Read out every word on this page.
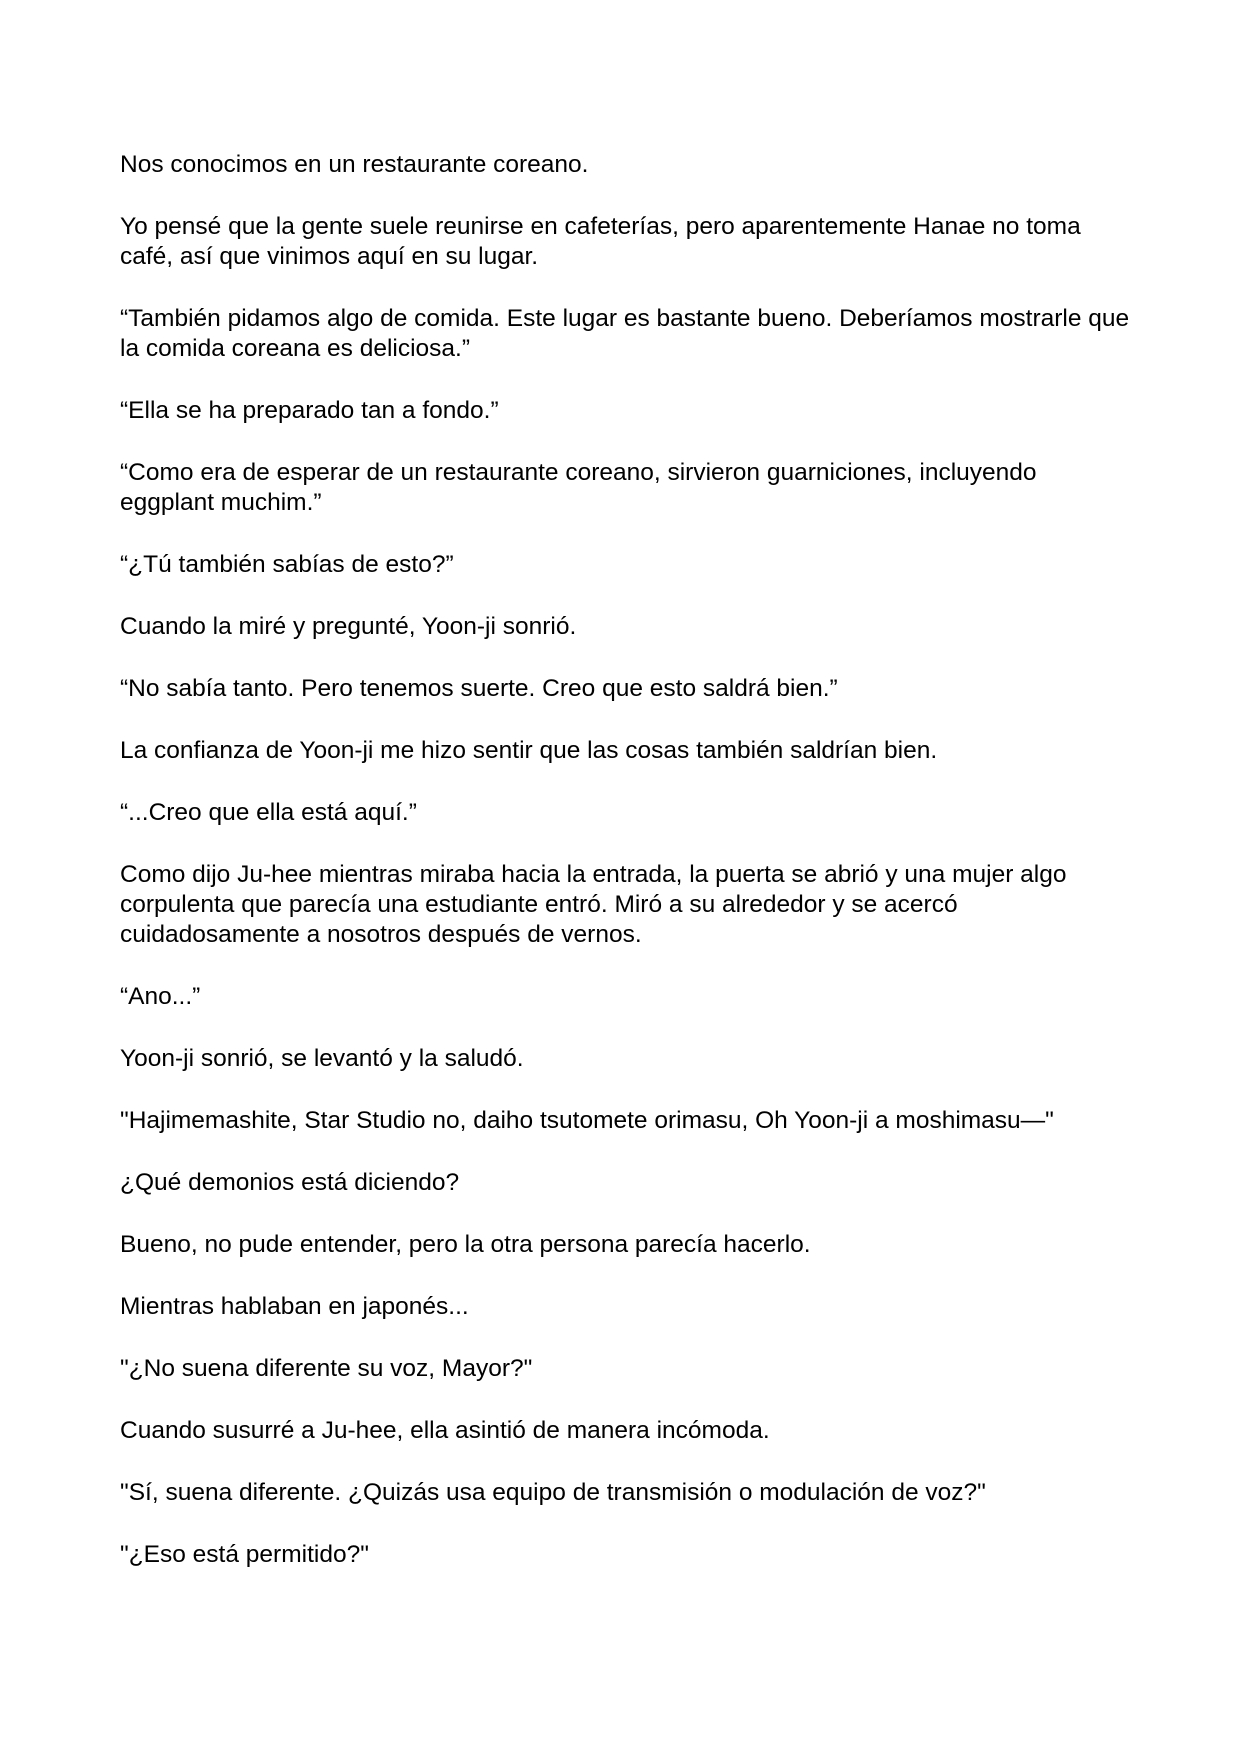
Nos conocimos en un restaurante coreano.

Yo pensé que la gente suele reunirse en cafeterías, pero aparentemente Hanae no toma café, así que vinimos aquí en su lugar.

“También pidamos algo de comida. Este lugar es bastante bueno. Deberíamos mostrarle que la comida coreana es deliciosa.”

“Ella se ha preparado tan a fondo.”

“Como era de esperar de un restaurante coreano, sirvieron guarniciones, incluyendo eggplant muchim.”

“¿Tú también sabías de esto?”

Cuando la miré y pregunté, Yoon-ji sonrió.

“No sabía tanto. Pero tenemos suerte. Creo que esto saldrá bien.”

La confianza de Yoon-ji me hizo sentir que las cosas también saldrían bien.

“...Creo que ella está aquí.”

Como dijo Ju-hee mientras miraba hacia la entrada, la puerta se abrió y una mujer algo corpulenta que parecía una estudiante entró. Miró a su alrededor y se acercó cuidadosamente a nosotros después de vernos.

“Ano...”

Yoon-ji sonrió, se levantó y la saludó.

"Hajimemashite, Star Studio no, daiho tsutomete orimasu, Oh Yoon-ji a moshimasu—"

¿Qué demonios está diciendo?

Bueno, no pude entender, pero la otra persona parecía hacerlo.

Mientras hablaban en japonés...

"¿No suena diferente su voz, Mayor?"

Cuando susurré a Ju-hee, ella asintió de manera incómoda.

"Sí, suena diferente. ¿Quizás usa equipo de transmisión o modulación de voz?"

"¿Eso está permitido?"
